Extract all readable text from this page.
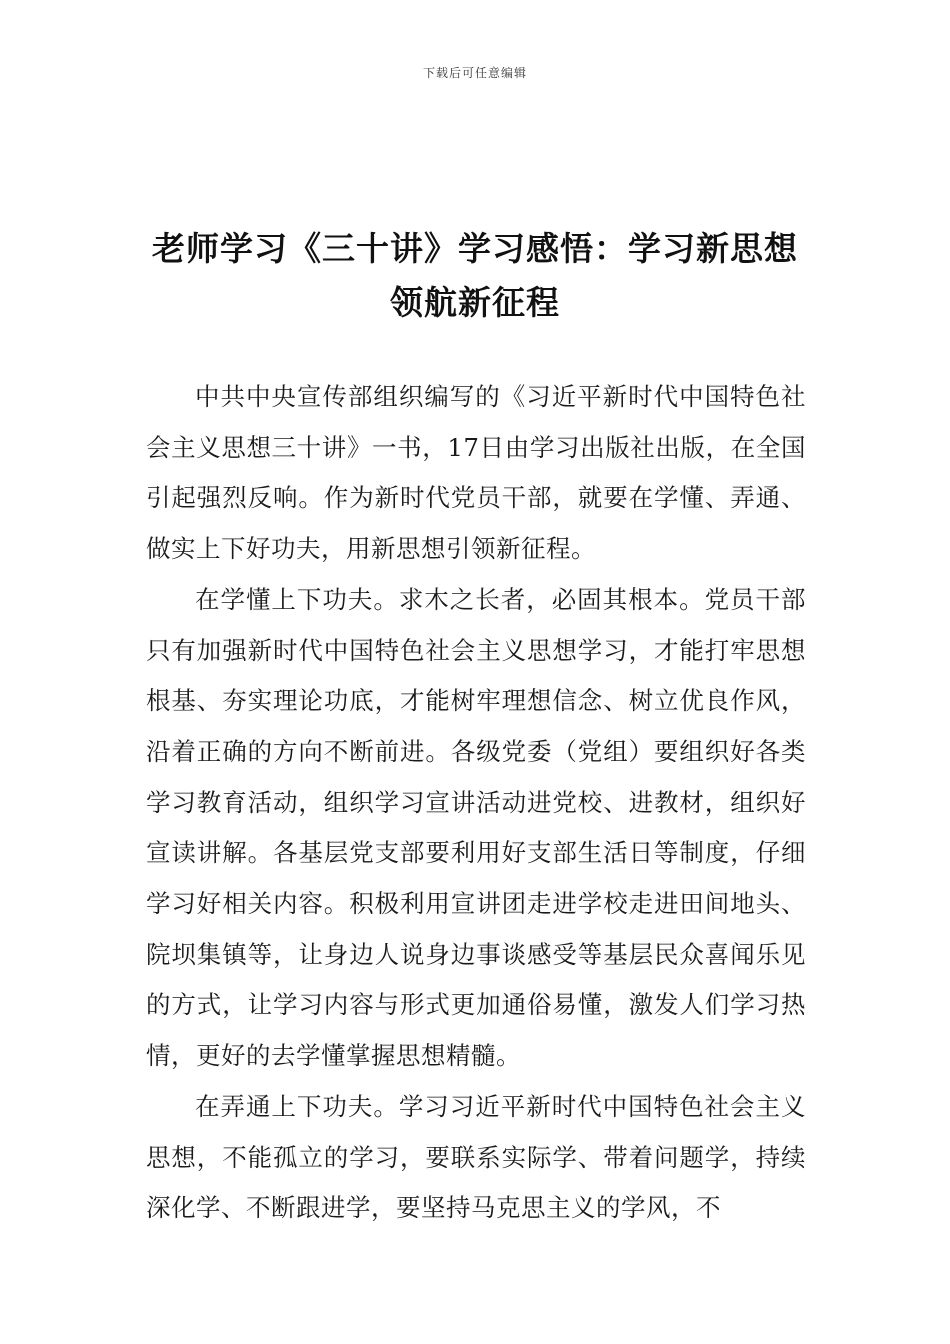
下载后可任意编辑
老师学习《三十讲》学习感悟：学习新思想领航新征程

中共中央宣传部组织编写的《习近平新时代中国特色社会主义思想三十讲》一书，17日由学习出版社出版，在全国引起强烈反响。作为新时代党员干部，就要在学懂、弄通、做实上下好功夫，用新思想引领新征程。

在学懂上下功夫。求木之长者，必固其根本。党员干部只有加强新时代中国特色社会主义思想学习，才能打牢思想根基、夯实理论功底，才能树牢理想信念、树立优良作风，沿着正确的方向不断前进。各级党委（党组）要组织好各类学习教育活动，组织学习宣讲活动进党校、进教材，组织好宣读讲解。各基层党支部要利用好支部生活日等制度，仔细学习好相关内容。积极利用宣讲团走进学校走进田间地头、院坝集镇等，让身边人说身边事谈感受等基层民众喜闻乐见的方式，让学习内容与形式更加通俗易懂，激发人们学习热情，更好的去学懂掌握思想精髓。

在弄通上下功夫。学习习近平新时代中国特色社会主义思想，不能孤立的学习，要联系实际学、带着问题学，持续深化学、不断跟进学，要坚持马克思主义的学风，不
